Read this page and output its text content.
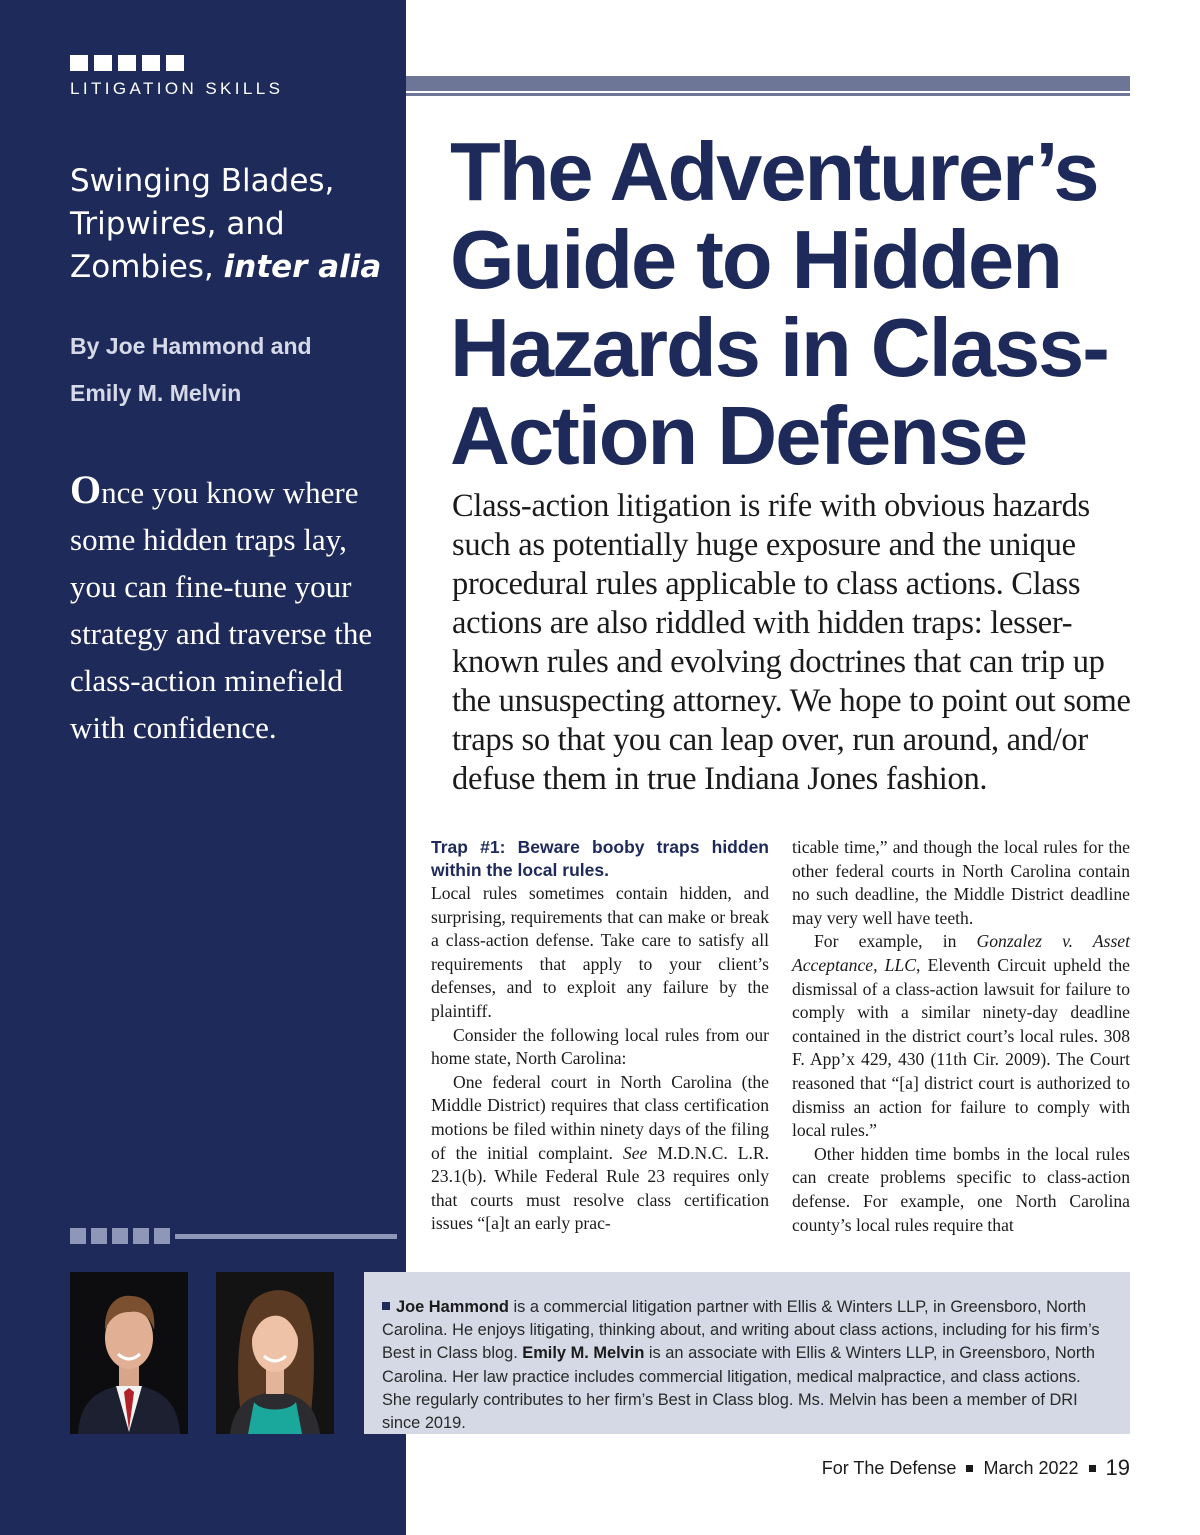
LITIGATION SKILLS
Swinging Blades, Tripwires, and Zombies, inter alia
By Joe Hammond and
Emily M. Melvin
Once you know where some hidden traps lay, you can fine-tune your strategy and traverse the class-action minefield with confidence.
The Adventurer’s Guide to Hidden Hazards in Class-Action Defense

Class-action litigation is rife with obvious hazards such as potentially huge exposure and the unique procedural rules applicable to class actions. Class actions are also riddled with hidden traps: lesser-known rules and evolving doctrines that can trip up the unsuspecting attorney. We hope to point out some traps so that you can leap over, run around, and/or defuse them in true Indiana Jones fashion.

Trap #1: Beware booby traps hidden within the local rules.

Local rules sometimes contain hidden, and surprising, requirements that can make or break a class-action defense. Take care to satisfy all requirements that apply to your client’s defenses, and to exploit any failure by the plaintiff.

Consider the following local rules from our home state, North Carolina:

One federal court in North Carolina (the Middle District) requires that class certification motions be filed within ninety days of the filing of the initial complaint. See M.D.N.C. L.R. 23.1(b). While Federal Rule 23 requires only that courts must resolve class certification issues “[a]t an early prac-

ticable time,” and though the local rules for the other federal courts in North Carolina contain no such deadline, the Middle District deadline may very well have teeth.

For example, in Gonzalez v. Asset Acceptance, LLC, Eleventh Circuit upheld the dismissal of a class-action lawsuit for failure to comply with a similar ninety-day deadline contained in the district court’s local rules. 308 F. App’x 429, 430 (11th Cir. 2009). The Court reasoned that “[a] district court is authorized to dismiss an action for failure to comply with local rules.”

Other hidden time bombs in the local rules can create problems specific to class-action defense. For example, one North Carolina county’s local rules require that

Joe Hammond is a commercial litigation partner with Ellis & Winters LLP, in Greensboro, North Carolina. He enjoys litigating, thinking about, and writing about class actions, including for his firm’s Best in Class blog. Emily M. Melvin is an associate with Ellis & Winters LLP, in Greensboro, North Carolina. Her law practice includes commercial litigation, medical malpractice, and class actions. She regularly contributes to her firm’s Best in Class blog. Ms. Melvin has been a member of DRI since 2019.

For The Defense March 2022 19
